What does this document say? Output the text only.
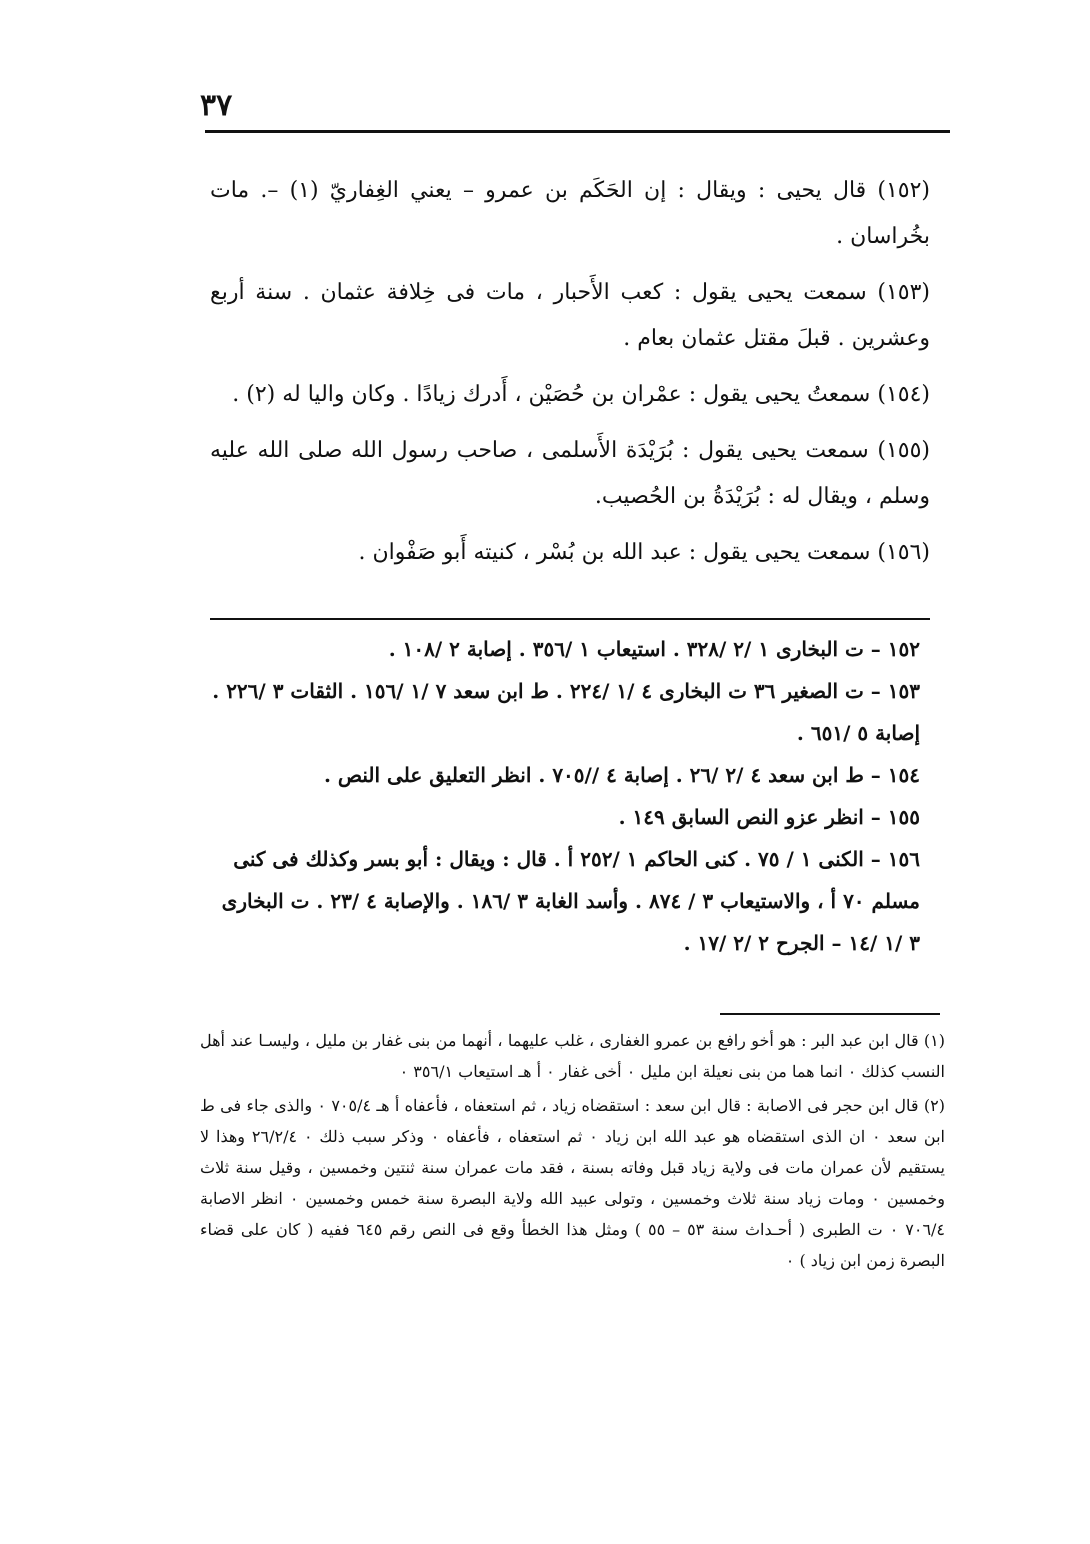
٣٧

(١٥٢) قال يحيى : ويقال : إن الحَكَم بن عمرو – يعني الغِفاريّ (١) –. مات بخُراسان .

(١٥٣) سمعت يحيى يقول : كعب الأَحبار ، مات فى خِلافة عثمان . سنة أربع وعشرين . قبلَ مقتل عثمان بعام .

(١٥٤) سمعتُ يحيى يقول : عمْران بن حُصَيْن ، أَدرك زيادًا . وكان واليا له (٢) .

(١٥٥) سمعت يحيى يقول : بُرَيْدَة الأَسلمى ، صاحب رسول الله صلى الله عليه وسلم ، ويقال له : بُرَيْدَةُ بن الحُصيب.

(١٥٦) سمعت يحيى يقول : عبد الله بن بُسْر ، كنيته أَبو صَفْوان .

١٥٢ – ت البخارى ١ /٢ /٣٢٨ . استيعاب ١ /٣٥٦ . إصابة ٢ /١٠٨ .

١٥٣ – ت الصغير ٣٦ ت البخارى ٤ /١ /٢٢٤ . ط ابن سعد ٧ /١ /١٥٦ . الثقات ٣ /٢٢٦ . إصابة ٥ /٦٥١ .

١٥٤ – ط ابن سعد ٤ /٢ /٢٦ . إصابة ٤ //٧٠٥ . انظر التعليق على النص .

١٥٥ – انظر عزو النص السابق ١٤٩ .

١٥٦ – الكنى ١ / ٧٥ . كنى الحاكم ١ /٢٥٢ أ . قال : ويقال : أبو بسر وكذلك فى كنى مسلم ٧٠ أ ، والاستيعاب ٣ / ٨٧٤ . وأسد الغابة ٣ /١٨٦ . والإصابة ٤ /٢٣ . ت البخارى ٣ /١ /١٤ – الجرح ٢ /٢ /١٧ .

(١) قال ابن عبد البر : هو أخو رافع بن عمرو الغفارى ، غلب عليهما ، أنهما من بنى غفار بن مليل ، وليسـا عند أهل النسب كذلك ٠ انما هما من بنى نعيلة ابن مليل ٠ أخى غفار ٠ أ هـ استيعاب ٣٥٦/١ ٠

(٢) قال ابن حجر فى الاصابة : قال ابن سعد : استقضاه زياد ، ثم استعفاه ، فأعفاه أ هـ ٧٠٥/٤ ٠ والذى جاء فى ط ابن سعد ٠ ان الذى استقضاه هو عبد الله ابن زياد ٠ ثم استعفاه ، فأعفاه ٠ وذكر سبب ذلك ٠ ٢٦/٢/٤ وهذا لا يستقيم لأن عمران مات فى ولاية زياد قبل وفاته بسنة ، فقد مات عمران سنة ثنتين وخمسين ، وقيل سنة ثلاث وخمسين ٠ ومات زياد سنة ثلاث وخمسين ، وتولى عبيد الله ولاية البصرة سنة خمس وخمسين ٠ انظر الاصابة ٧٠٦/٤ ٠ ت الطبرى ( أحـداث سنة ٥٣ – ٥٥ ) ومثل هذا الخطأ وقع فى النص رقم ٦٤٥ ففيه ( كان على قضاء البصرة زمن ابن زياد ) ٠
